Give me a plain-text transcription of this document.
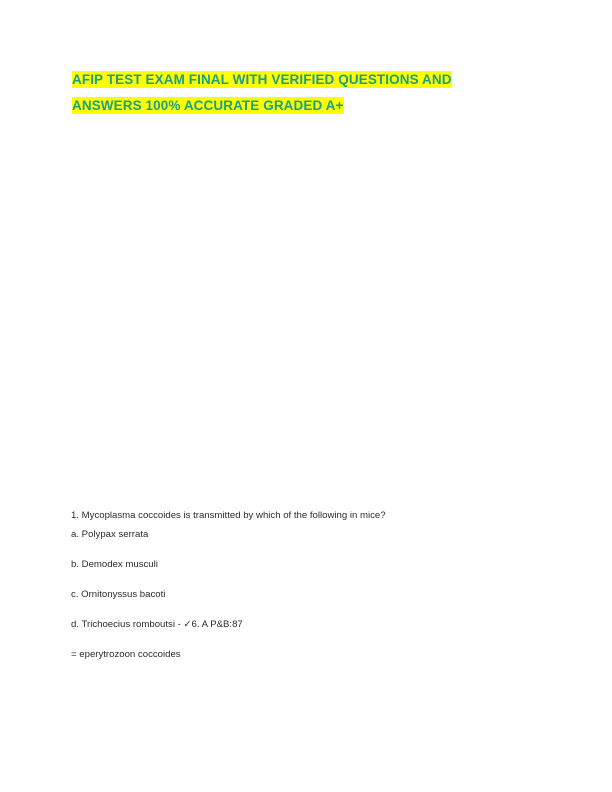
AFIP TEST EXAM FINAL WITH VERIFIED QUESTIONS AND
ANSWERS 100% ACCURATE GRADED A+

1. Mycoplasma coccoides is transmitted by which of the following in mice?

a. Polypax serrata

b. Demodex musculi

c. Ornitonyssus bacoti

d. Trichoecius romboutsi - ✓6. A P&B:87

= eperytrozoon coccoides
